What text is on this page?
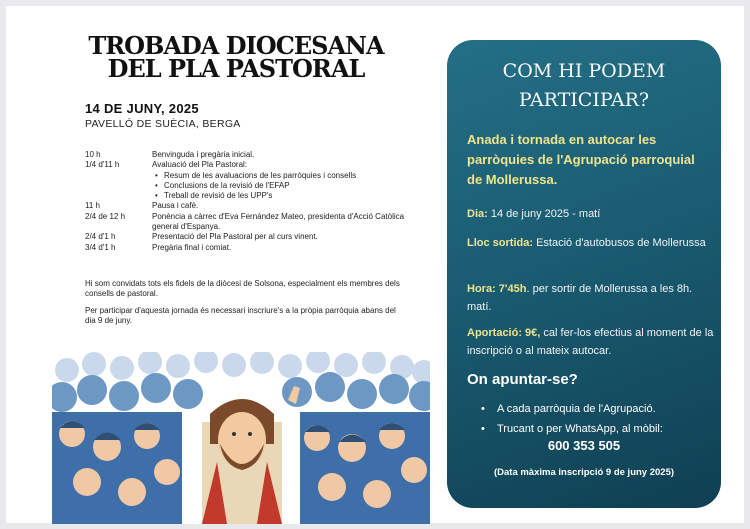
TROBADA DIOCESANA
DEL PLA PASTORAL
14 DE JUNY, 2025
PAVELLÓ DE SUÈCIA, BERGA
10 h	Benvinguda i pregària inicial.
1/4 d'11 h	Avaluació del Pla Pastoral:
• Resum de les avaluacions de les parròquies i consells
• Conclusions de la revisió de l'EFAP
• Treball de revisió de les UPP's
11 h	Pausa i cafè.
2/4 de 12 h	Ponència a càrrec d'Eva Fernández Mateo, presidenta d'Acció Catòlica general d'Espanya.
2/4 d'1 h	Presentació del Pla Pastoral per al curs vinent.
3/4 d'1 h	Pregària final i comiat.
Hi som convidats tots els fidels de la diòcesi de Solsona, especialment els membres dels consells de pastoral.
Per participar d'aquesta jornada és necessari inscriure's a la pròpia parròquia abans del dia 9 de juny.
COM HI PODEM
PARTICIPAR?
Anada i tornada en autocar les parròquies de l'Agrupació parroquial de Mollerussa.
Dia: 14 de juny 2025 - matí
Lloc sortida: Estació d'autobusos de Mollerussa
Hora: 7'45h. per sortir de Mollerussa a les 8h. matí.
Aportació: 9€, cal fer-los efectius al moment de la inscripció o al mateix autocar.
On apuntar-se?
• A cada parròquia de l'Agrupació.
• Trucant o per WhatsApp, al mòbil:
600 353 505
(Data màxima inscripció 9 de juny 2025)
